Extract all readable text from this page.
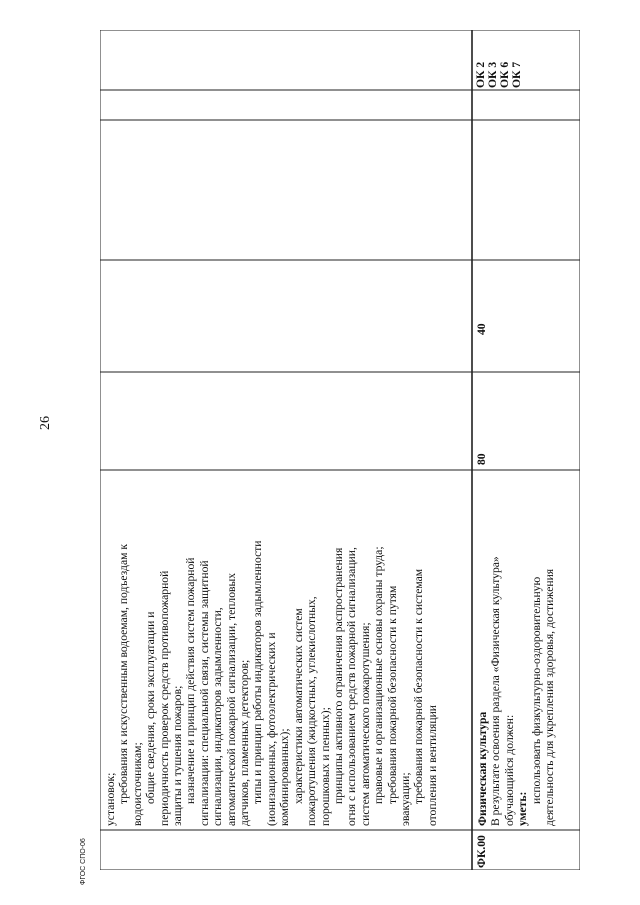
26
установок; требования к искусственным водоемам, подъездам к водоисточникам; общие сведения, сроки эксплуатации и периодичность проверок средств противопожарной защиты и тушения пожаров; назначение и принцип действия систем пожарной сигнализации: специальной связи, системы защитной сигнализации, индикаторов задымленности, автоматической пожарной сигнализации, тепловых датчиков, пламенных детекторов; типы и принцип работы индикаторов задымленности (ионизационных, фотоэлектрических и комбинированных); характеристики автоматических систем пожаротушения (жидкостных, углекислотных, порошковых и пенных); принципы активного ограничения распространения огня с использованием средств пожарной сигнализации, систем автоматического пожаротушения; правовые и организационные основы охраны труда; требования пожарной безопасности к путям эвакуации; требования пожарной безопасности к системам отопления и вентиляции
ФК.00
Физическая культура В результате освоения раздела «Физическая культура» обучающийся должен: уметь:
использовать физкультурно-оздоровительную деятельность для укрепления здоровья, достижения
80
40
ОК 2 ОК 3 ОК 6 ОК 7
ФГОС СПО-06
